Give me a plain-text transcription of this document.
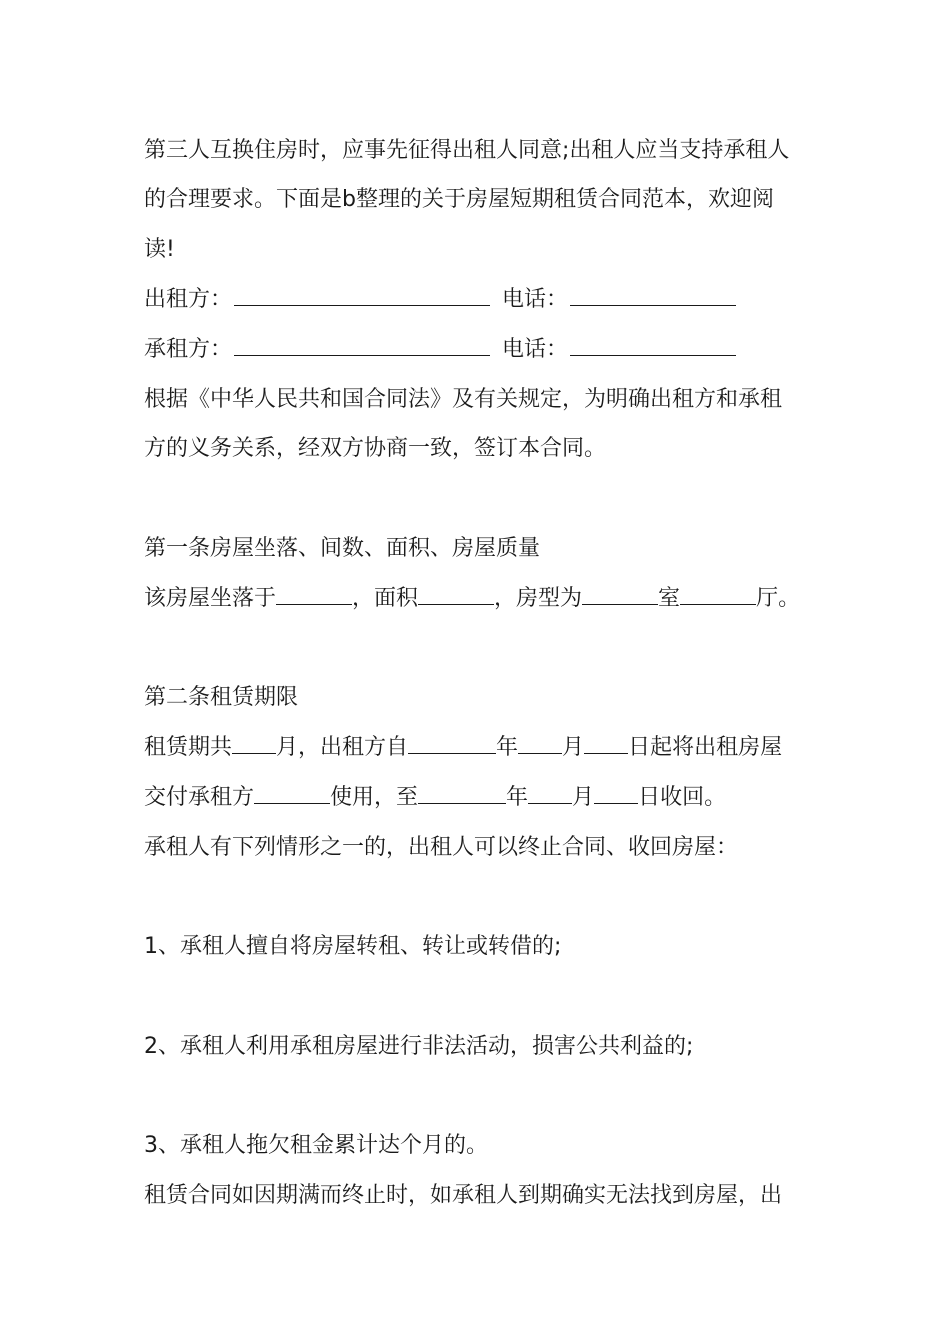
第三人互换住房时，应事先征得出租人同意;出租人应当支持承租人
的合理要求。下面是b整理的关于房屋短期租赁合同范本，欢迎阅
读!
出租方：	电话：
承租方：	电话：
根据《中华人民共和国合同法》及有关规定，为明确出租方和承租
方的义务关系，经双方协商一致，签订本合同。
第一条房屋坐落、间数、面积、房屋质量
该房屋坐落于	，面积	，房型为	室	厅。
第二条租赁期限
租赁期共 月，出租方自	年 月 日起将出租房屋
交付承租方	使用，至	年 月 日收回。
承租人有下列情形之一的，出租人可以终止合同、收回房屋：
1、承租人擅自将房屋转租、转让或转借的;
2、承租人利用承租房屋进行非法活动，损害公共利益的;
3、承租人拖欠租金累计达个月的。
租赁合同如因期满而终止时，如承租人到期确实无法找到房屋，出
